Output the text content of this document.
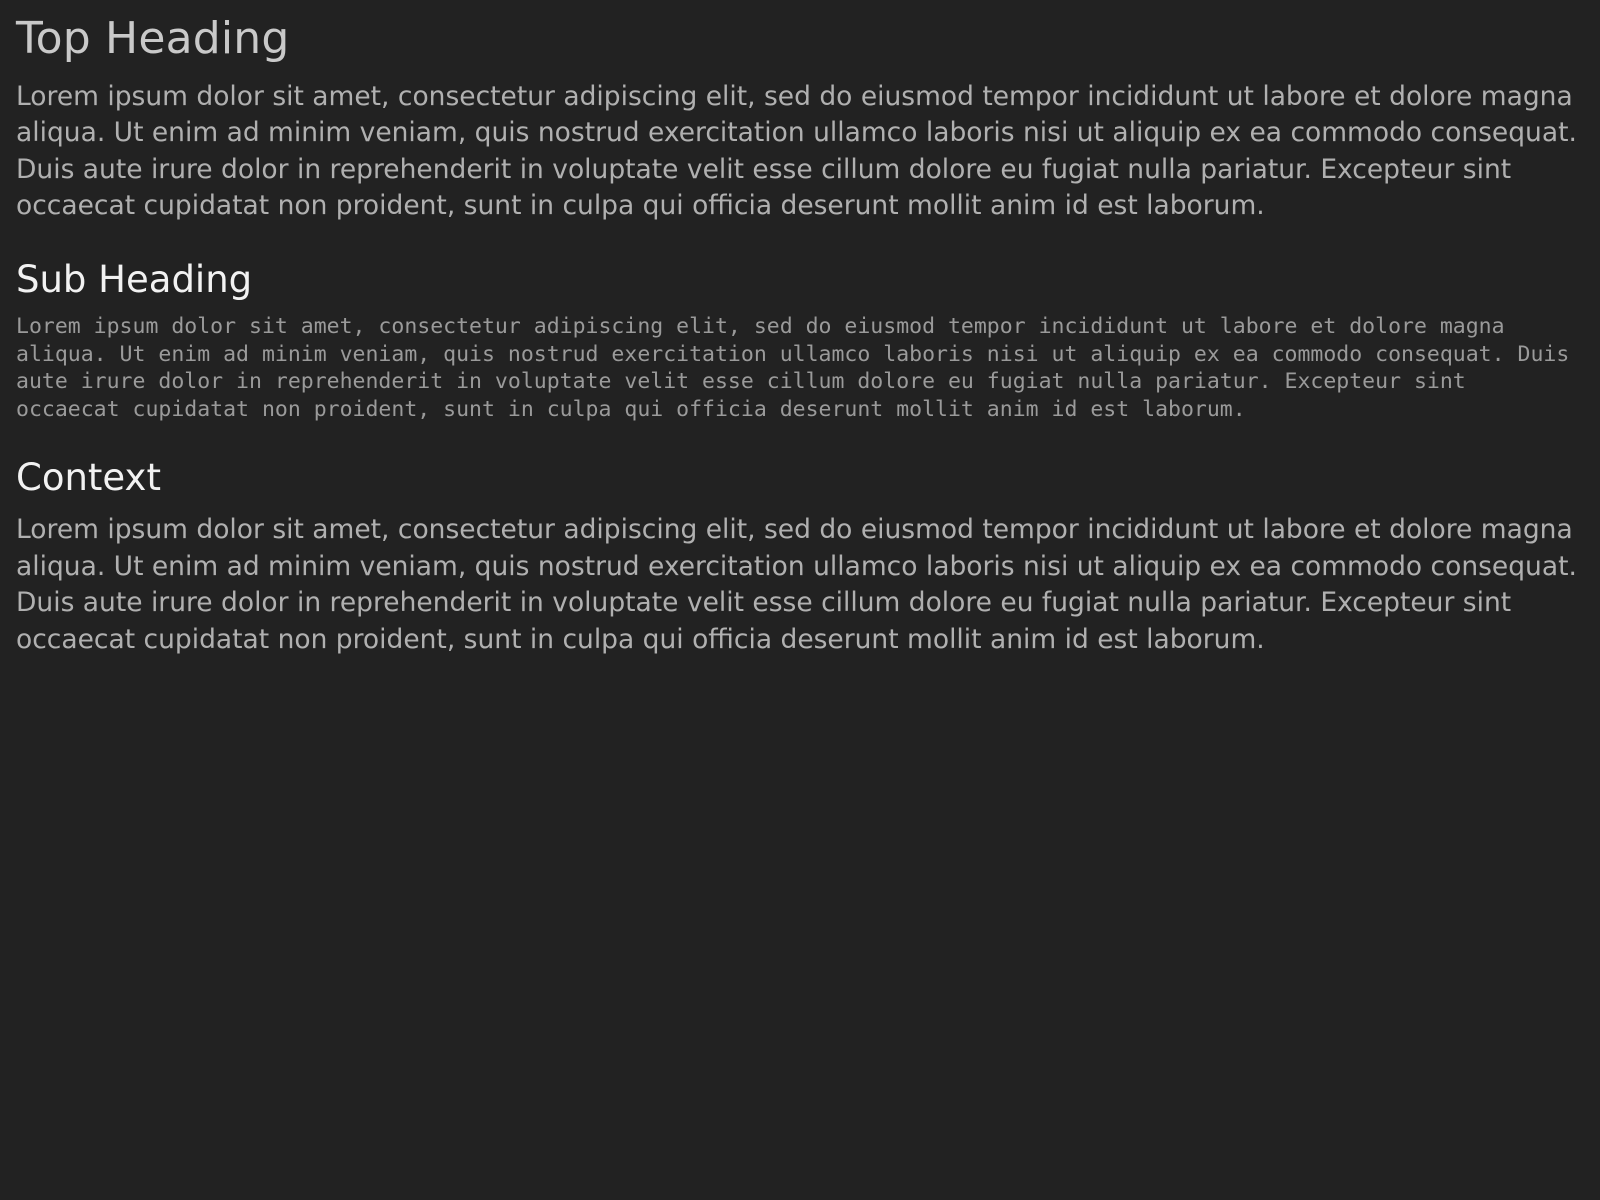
Top Heading

Lorem ipsum dolor sit amet, consectetur adipiscing elit, sed do eiusmod tempor incididunt ut labore et dolore magna aliqua. Ut enim ad minim veniam, quis nostrud exercitation ullamco laboris nisi ut aliquip ex ea commodo consequat. Duis aute irure dolor in reprehenderit in voluptate velit esse cillum dolore eu fugiat nulla pariatur. Excepteur sint occaecat cupidatat non proident, sunt in culpa qui officia deserunt mollit anim id est laborum.

Sub Heading
Lorem ipsum dolor sit amet, consectetur adipiscing elit, sed do eiusmod tempor incididunt ut labore et dolore magna aliqua. Ut enim ad minim veniam, quis nostrud exercitation ullamco laboris nisi ut aliquip ex ea commodo consequat. Duis aute irure dolor in reprehenderit in voluptate velit esse cillum dolore eu fugiat nulla pariatur. Excepteur sint occaecat cupidatat non proident, sunt in culpa qui officia deserunt mollit anim id est laborum.
Context

Lorem ipsum dolor sit amet, consectetur adipiscing elit, sed do eiusmod tempor incididunt ut labore et dolore magna aliqua. Ut enim ad minim veniam, quis nostrud exercitation ullamco laboris nisi ut aliquip ex ea commodo consequat. Duis aute irure dolor in reprehenderit in voluptate velit esse cillum dolore eu fugiat nulla pariatur. Excepteur sint occaecat cupidatat non proident, sunt in culpa qui officia deserunt mollit anim id est laborum.
